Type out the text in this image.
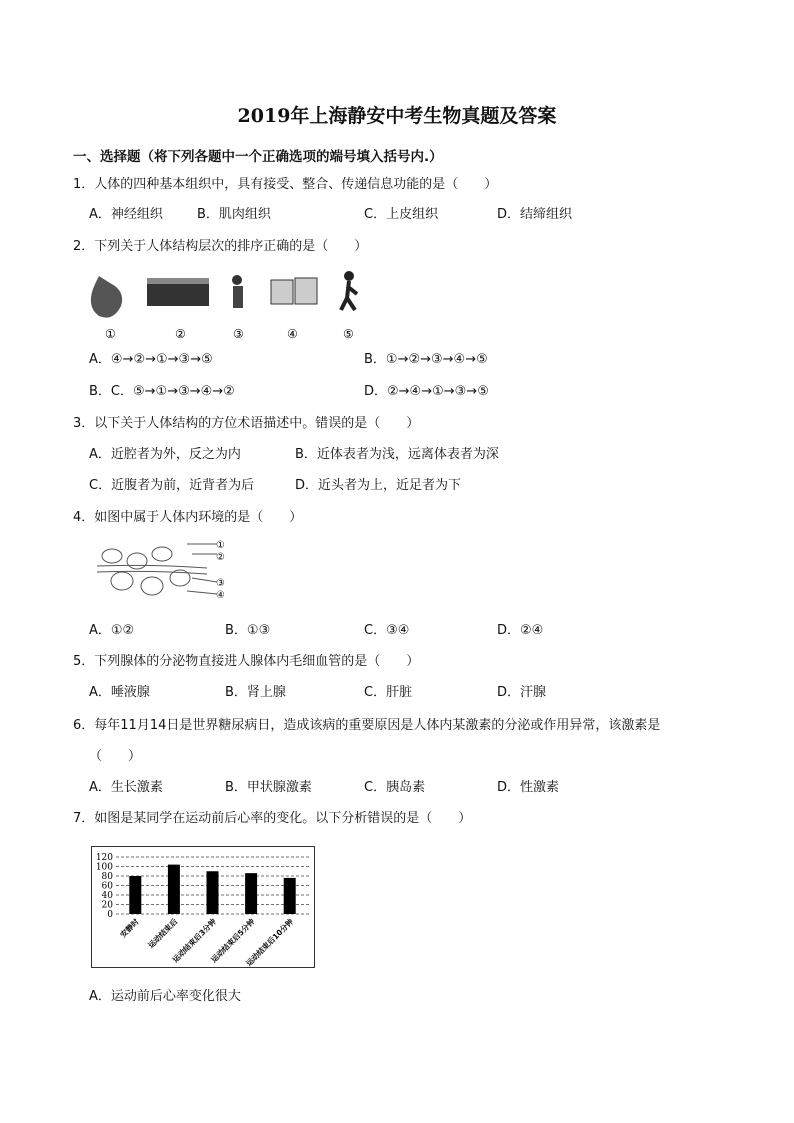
2019年上海静安中考生物真题及答案
一、选择题（将下列各题中一个正确选项的端号填入括号内.）
1．人体的四种基本组织中，具有接受、整合、传递信息功能的是（　　）
A．神经组织	B．肌肉组织	C．上皮组织	D．结缔组织
2．下列关于人体结构层次的排序正确的是（　　）
①	②	③	④	⑤
A．④→②→①→③→⑤	B．①→②→③→④→⑤
B．C．⑤→①→③→④→②	D．②→④→①→③→⑤
3．以下关于人体结构的方位术语描述中。错误的是（　　）
A．近腔者为外，反之为内	B．近体表者为浅，远离体表者为深
C．近腹者为前，近背者为后	D．近头者为上，近足者为下
4．如图中属于人体内环境的是（　　）
①
②
③
④
A．①②	B．①③	C．③④	D．②④
5．下列腺体的分泌物直接进人腺体内毛细血管的是（　　）
A．唾液腺	B．肾上腺	C．肝脏	D．汗腺
6．每年11月14日是世界糖尿病日，造成该病的重要原因是人体内某激素的分泌或作用异常，该激素是
（　　）
A．生长激素	B．甲状腺激素	C．胰岛素	D．性激素
7．如图是某同学在运动前后心率的变化。以下分析错误的是（　　）
0
20
40
60
80
100
120
安静时 运动结束后
运动结束后3分钟
运动结束后5分钟
运动结束后10分钟
A．运动前后心率变化很大
